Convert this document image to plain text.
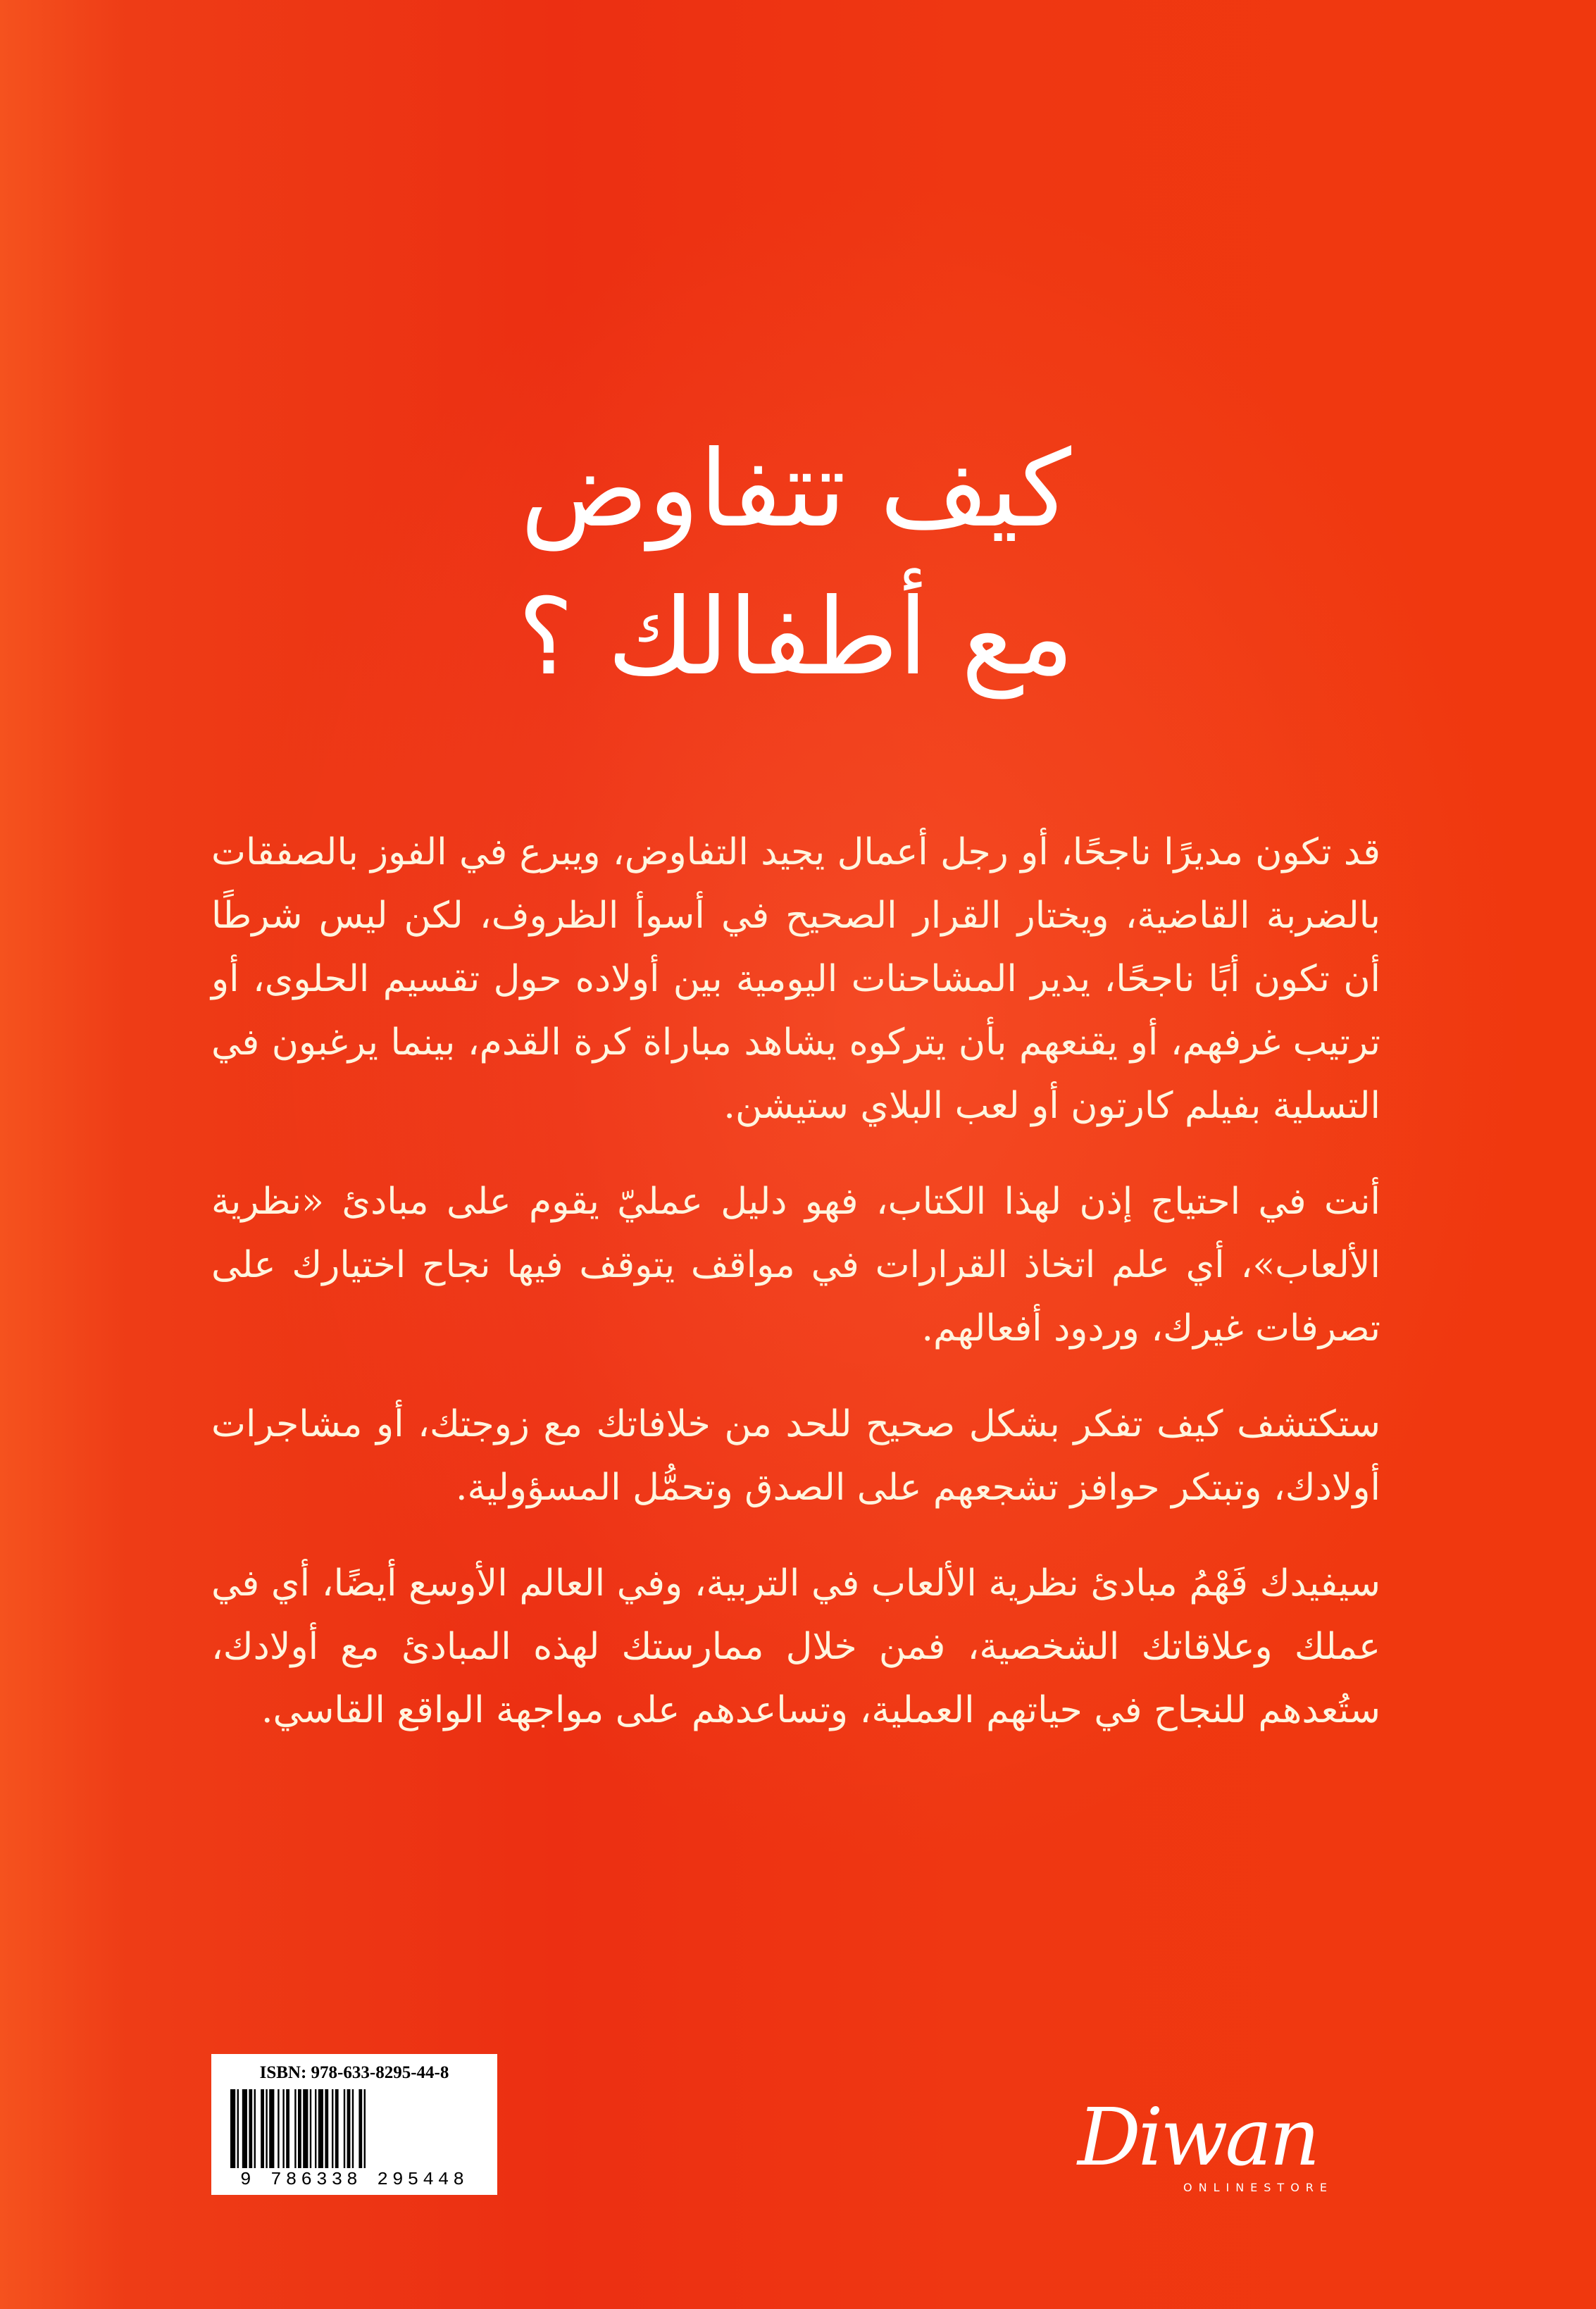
كيف تتفاوض
مع أطفالك ؟

قد تكون مديرًا ناجحًا، أو رجل أعمال يجيد التفاوض، ويبرع في الفوز بالصفقات بالضربة القاضية، ويختار القرار الصحيح في أسوأ الظروف، لكن ليس شرطًا أن تكون أبًا ناجحًا، يدير المشاحنات اليومية بين أولاده حول تقسيم الحلوى، أو ترتيب غرفهم، أو يقنعهم بأن يتركوه يشاهد مباراة كرة القدم، بينما يرغبون في التسلية بفيلم كارتون أو لعب البلاي ستيشن.

أنت في احتياج إذن لهذا الكتاب، فهو دليل عمليّ يقوم على مبادئ «نظرية الألعاب»، أي علم اتخاذ القرارات في مواقف يتوقف فيها نجاح اختيارك على تصرفات غيرك، وردود أفعالهم.

ستكتشف كيف تفكر بشكل صحيح للحد من خلافاتك مع زوجتك، أو مشاجرات أولادك، وتبتكر حوافز تشجعهم على الصدق وتحمُّل المسؤولية.

سيفيدك فَهْمُ مبادئ نظرية الألعاب في التربية، وفي العالم الأوسع أيضًا، أي في عملك وعلاقاتك الشخصية، فمن خلال ممارستك لهذه المبادئ مع أولادك، ستُعدهم للنجاح في حياتهم العملية، وتساعدهم على مواجهة الواقع القاسي.

ISBN: 978-633-8295-44-8
9 786338 295448	Diwan
ONLINESTORE
